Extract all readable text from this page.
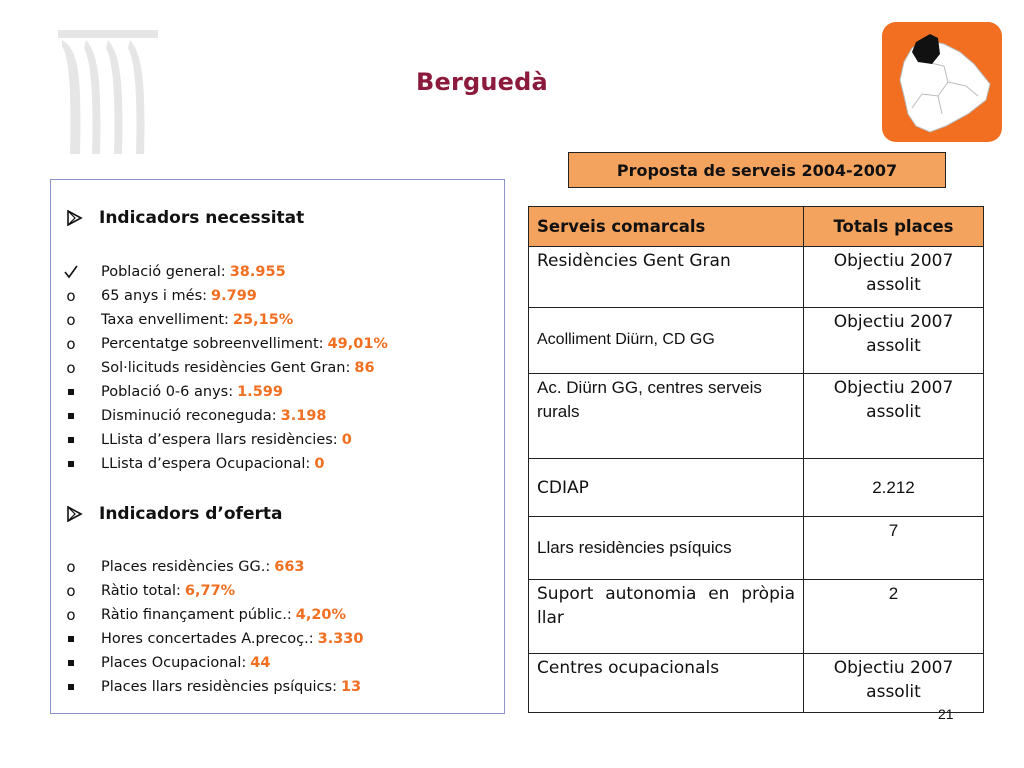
Berguedà
Proposta de serveis 2004-2007
Indicadors necessitat
Població general: 38.955
o	65 anys i més: 9.799
o	Taxa envelliment: 25,15%
o	Percentatge sobreenvelliment: 49,01%
o	Sol·licituds residències Gent Gran: 86
Població 0-6 anys: 1.599
Disminució reconeguda: 3.198
LLista d’espera llars residències: 0
LLista d’espera Ocupacional: 0
Indicadors d’oferta
o	Places residències GG.: 663
o	Ràtio total: 6,77%
o	Ràtio finançament públic.: 4,20%
Hores concertades A.precoç.: 3.330
Places Ocupacional: 44
Places llars residències psíquics: 13
Serveis comarcals	Totals places
Residències Gent Gran	Objectiu 2007 assolit
Acolliment Diürn, CD GG	Objectiu 2007 assolit
Ac. Diürn GG, centres serveis rurals	Objectiu 2007 assolit
CDIAP	2.212
Llars residències psíquics	7
Suport autonomia en pròpia llar	2
Centres ocupacionals	Objectiu 2007 assolit
21
